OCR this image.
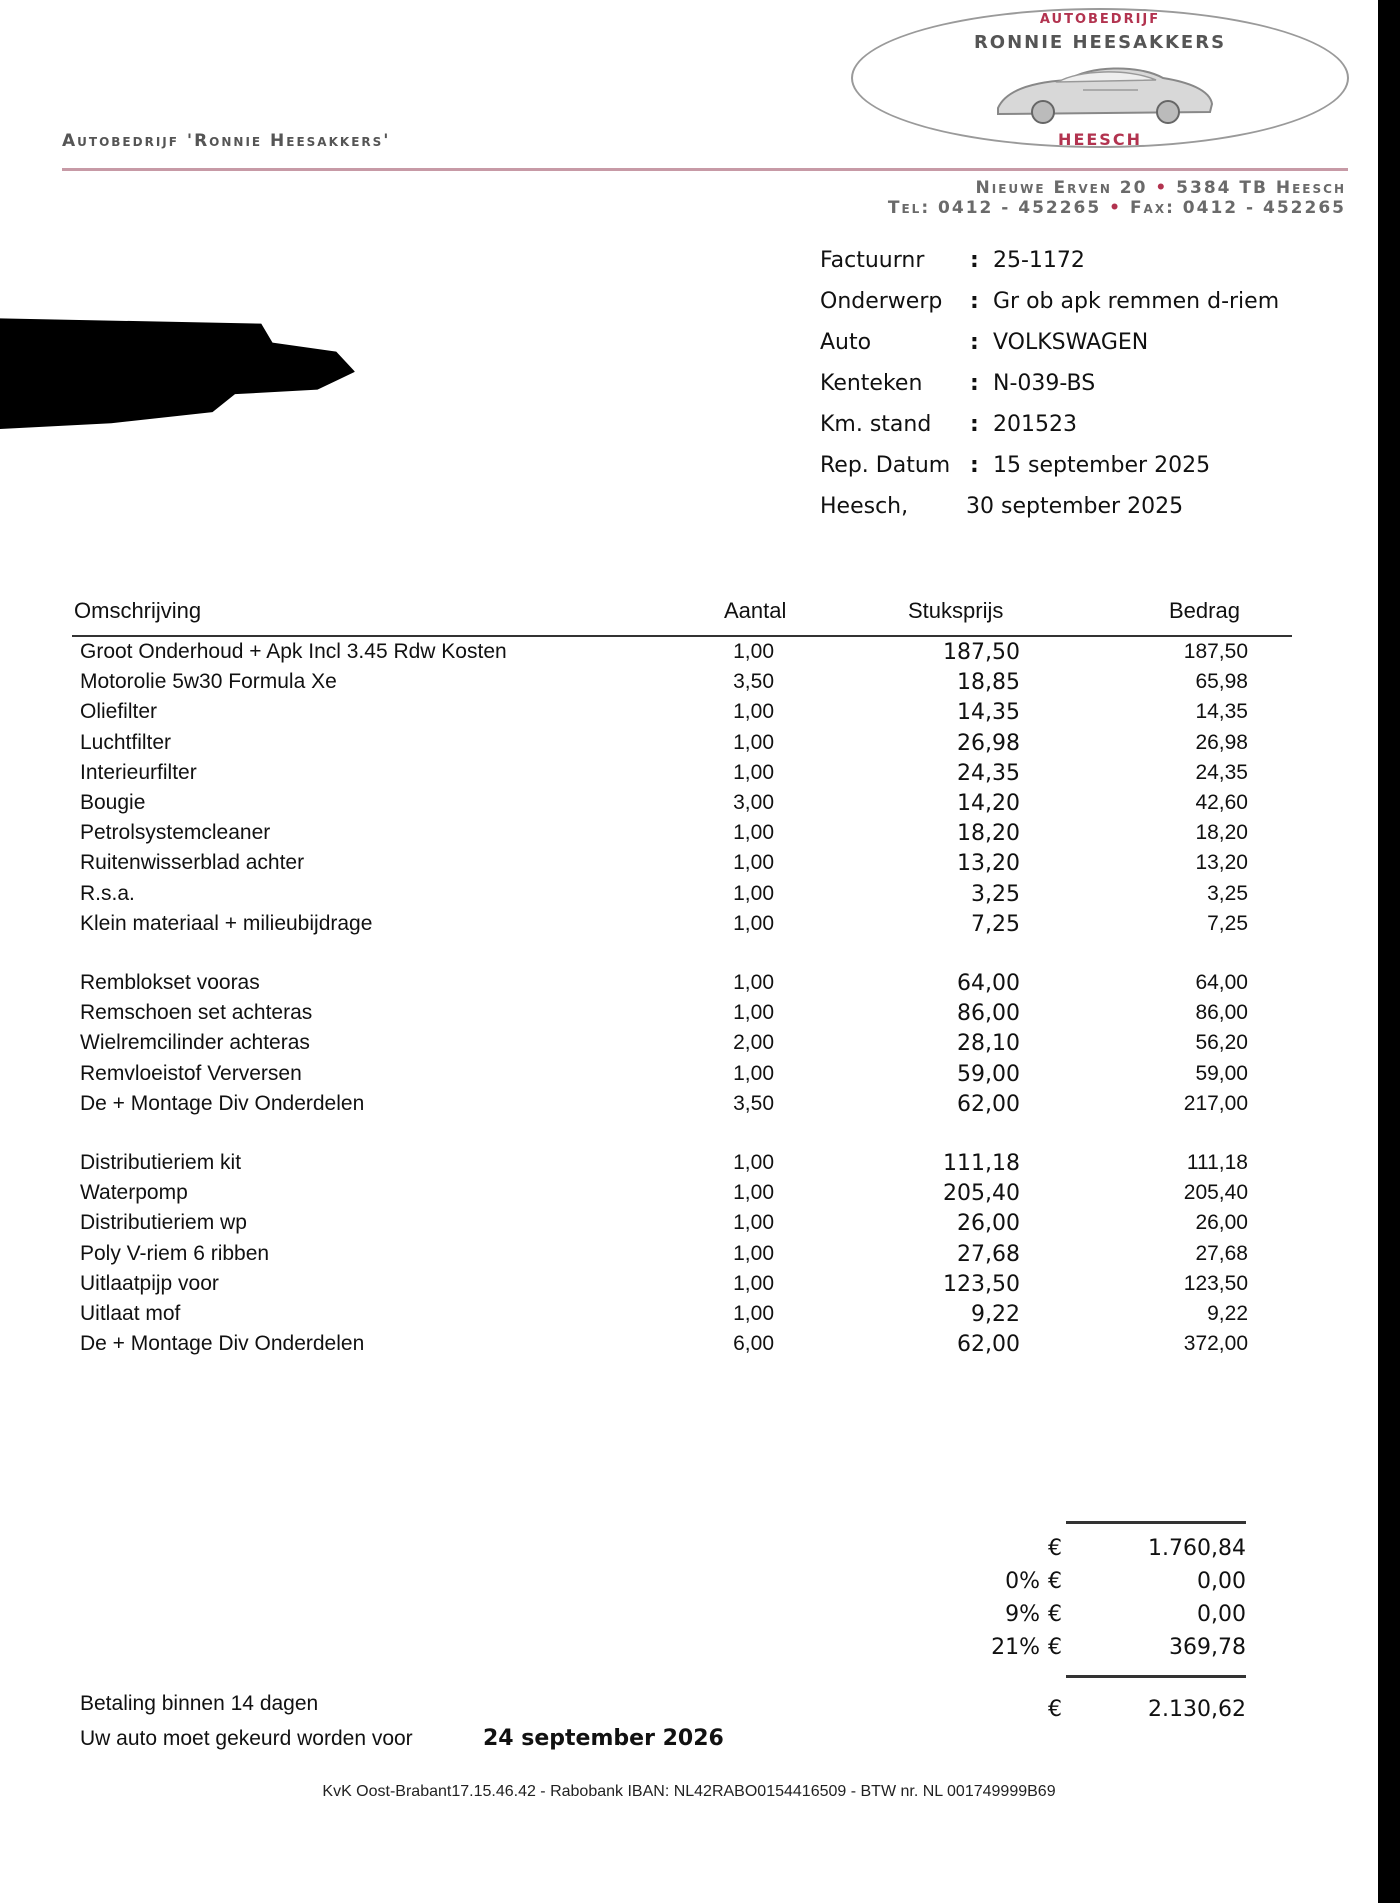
AUTOBEDRIJF
RONNIE HEESAKKERS
HEESCH
Autobedrijf 'Ronnie Heesakkers'
Nieuwe Erven 20 • 5384 TB Heesch
Tel: 0412 - 452265 • Fax: 0412 - 452265
Factuurnr : 25-1172
Onderwerp : Gr ob apk remmen d-riem
Auto	: VOLKSWAGEN
Kenteken : N-039-BS
Km. stand : 201523
Rep. Datum : 15 september 2025
Heesch,	30 september 2025
Omschrijving	Aantal	Stuksprijs	Bedrag
Groot Onderhoud + Apk Incl 3.45 Rdw Kosten	1,00	187,50	187,50
Motorolie 5w30 Formula Xe	3,50	18,85	65,98
Oliefilter	1,00	14,35	14,35
Luchtfilter	1,00	26,98	26,98
Interieurfilter	1,00	24,35	24,35
Bougie	3,00	14,20	42,60
Petrolsystemcleaner	1,00	18,20	18,20
Ruitenwisserblad achter	1,00	13,20	13,20
R.s.a.	1,00	3,25	3,25
Klein materiaal + milieubijdrage	1,00	7,25	7,25
Remblokset vooras	1,00	64,00	64,00
Remschoen set achteras	1,00	86,00	86,00
Wielremcilinder achteras	2,00	28,10	56,20
Remvloeistof Verversen	1,00	59,00	59,00
De + Montage Div Onderdelen	3,50	62,00	217,00
Distributieriem kit	1,00	111,18	111,18
Waterpomp	1,00	205,40	205,40
Distributieriem wp	1,00	26,00	26,00
Poly V-riem 6 ribben	1,00	27,68	27,68
Uitlaatpijp voor	1,00	123,50	123,50
Uitlaat mof	1,00	9,22	9,22
De + Montage Div Onderdelen	6,00	62,00	372,00
€	1.760,84
0% €	0,00
9% €	0,00
21% €	369,78
€	2.130,62
Betaling binnen 14 dagen
Uw auto moet gekeurd worden voor	24 september 2026
KvK Oost-Brabant17.15.46.42 - Rabobank IBAN: NL42RABO0154416509 - BTW nr. NL 001749999B69
